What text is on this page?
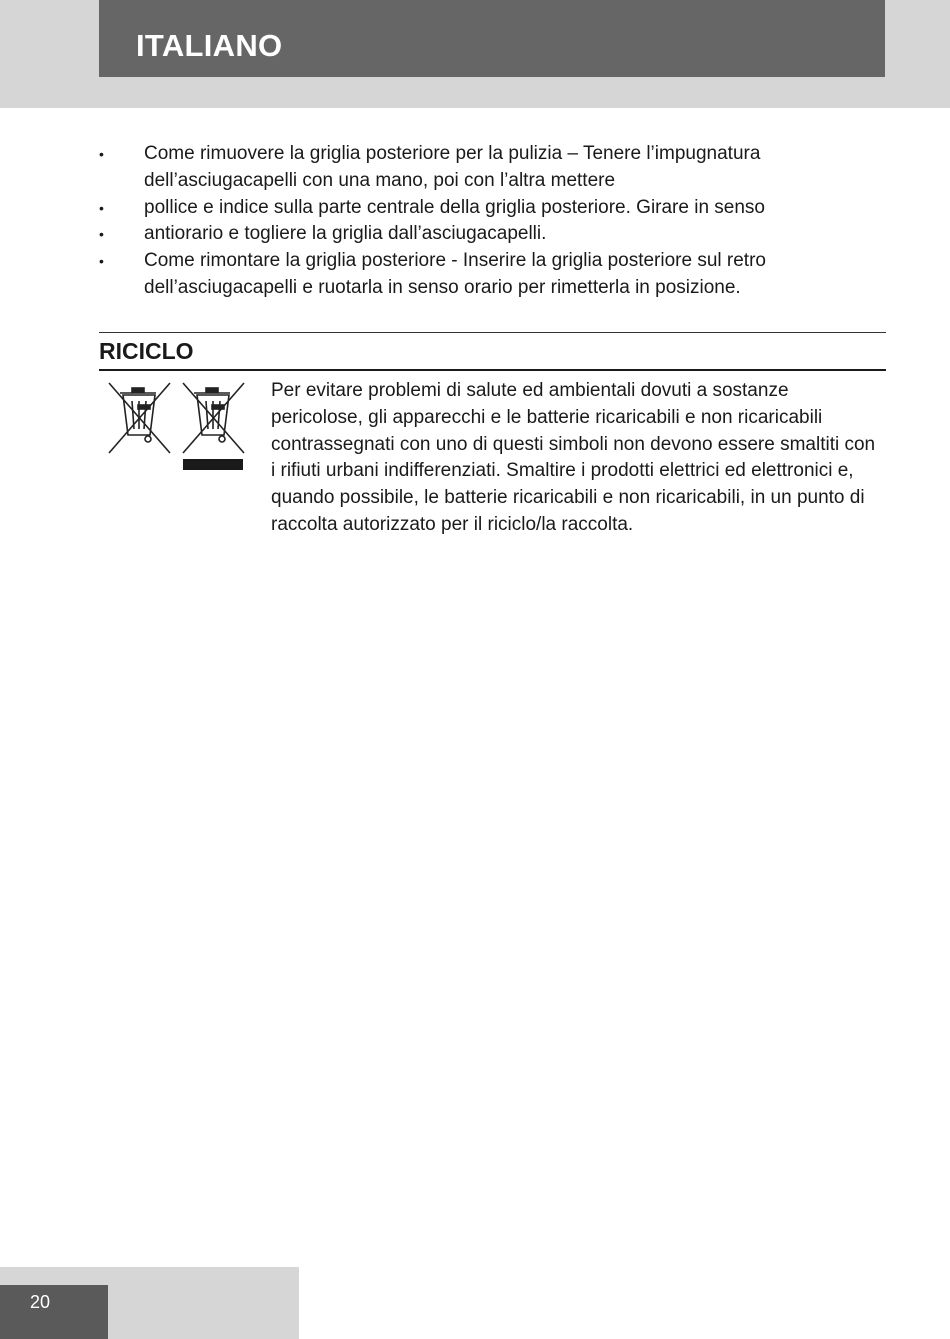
ITALIANO
• Come rimuovere la griglia posteriore per la pulizia – Tenere l’impugnatura dell’asciugacapelli con una mano, poi con l’altra mettere
• pollice e indice sulla parte centrale della griglia posteriore. Girare in senso
• antiorario e togliere la griglia dall’asciugacapelli.
• Come rimontare la griglia posteriore - Inserire la griglia posteriore sul retro dell’asciugacapelli e ruotarla in senso orario per rimetterla in posizione.
RICICLO
Per evitare problemi di salute ed ambientali dovuti a sostanze pericolose, gli apparecchi e le batterie ricaricabili e non ricaricabili contrassegnati con uno di questi simboli non devono essere smaltiti con i rifiuti urbani indifferenziati. Smaltire i prodotti elettrici ed elettronici e, quando possibile, le batterie ricaricabili e non ricaricabili, in un punto di raccolta autorizzato per il riciclo/la raccolta.
20
